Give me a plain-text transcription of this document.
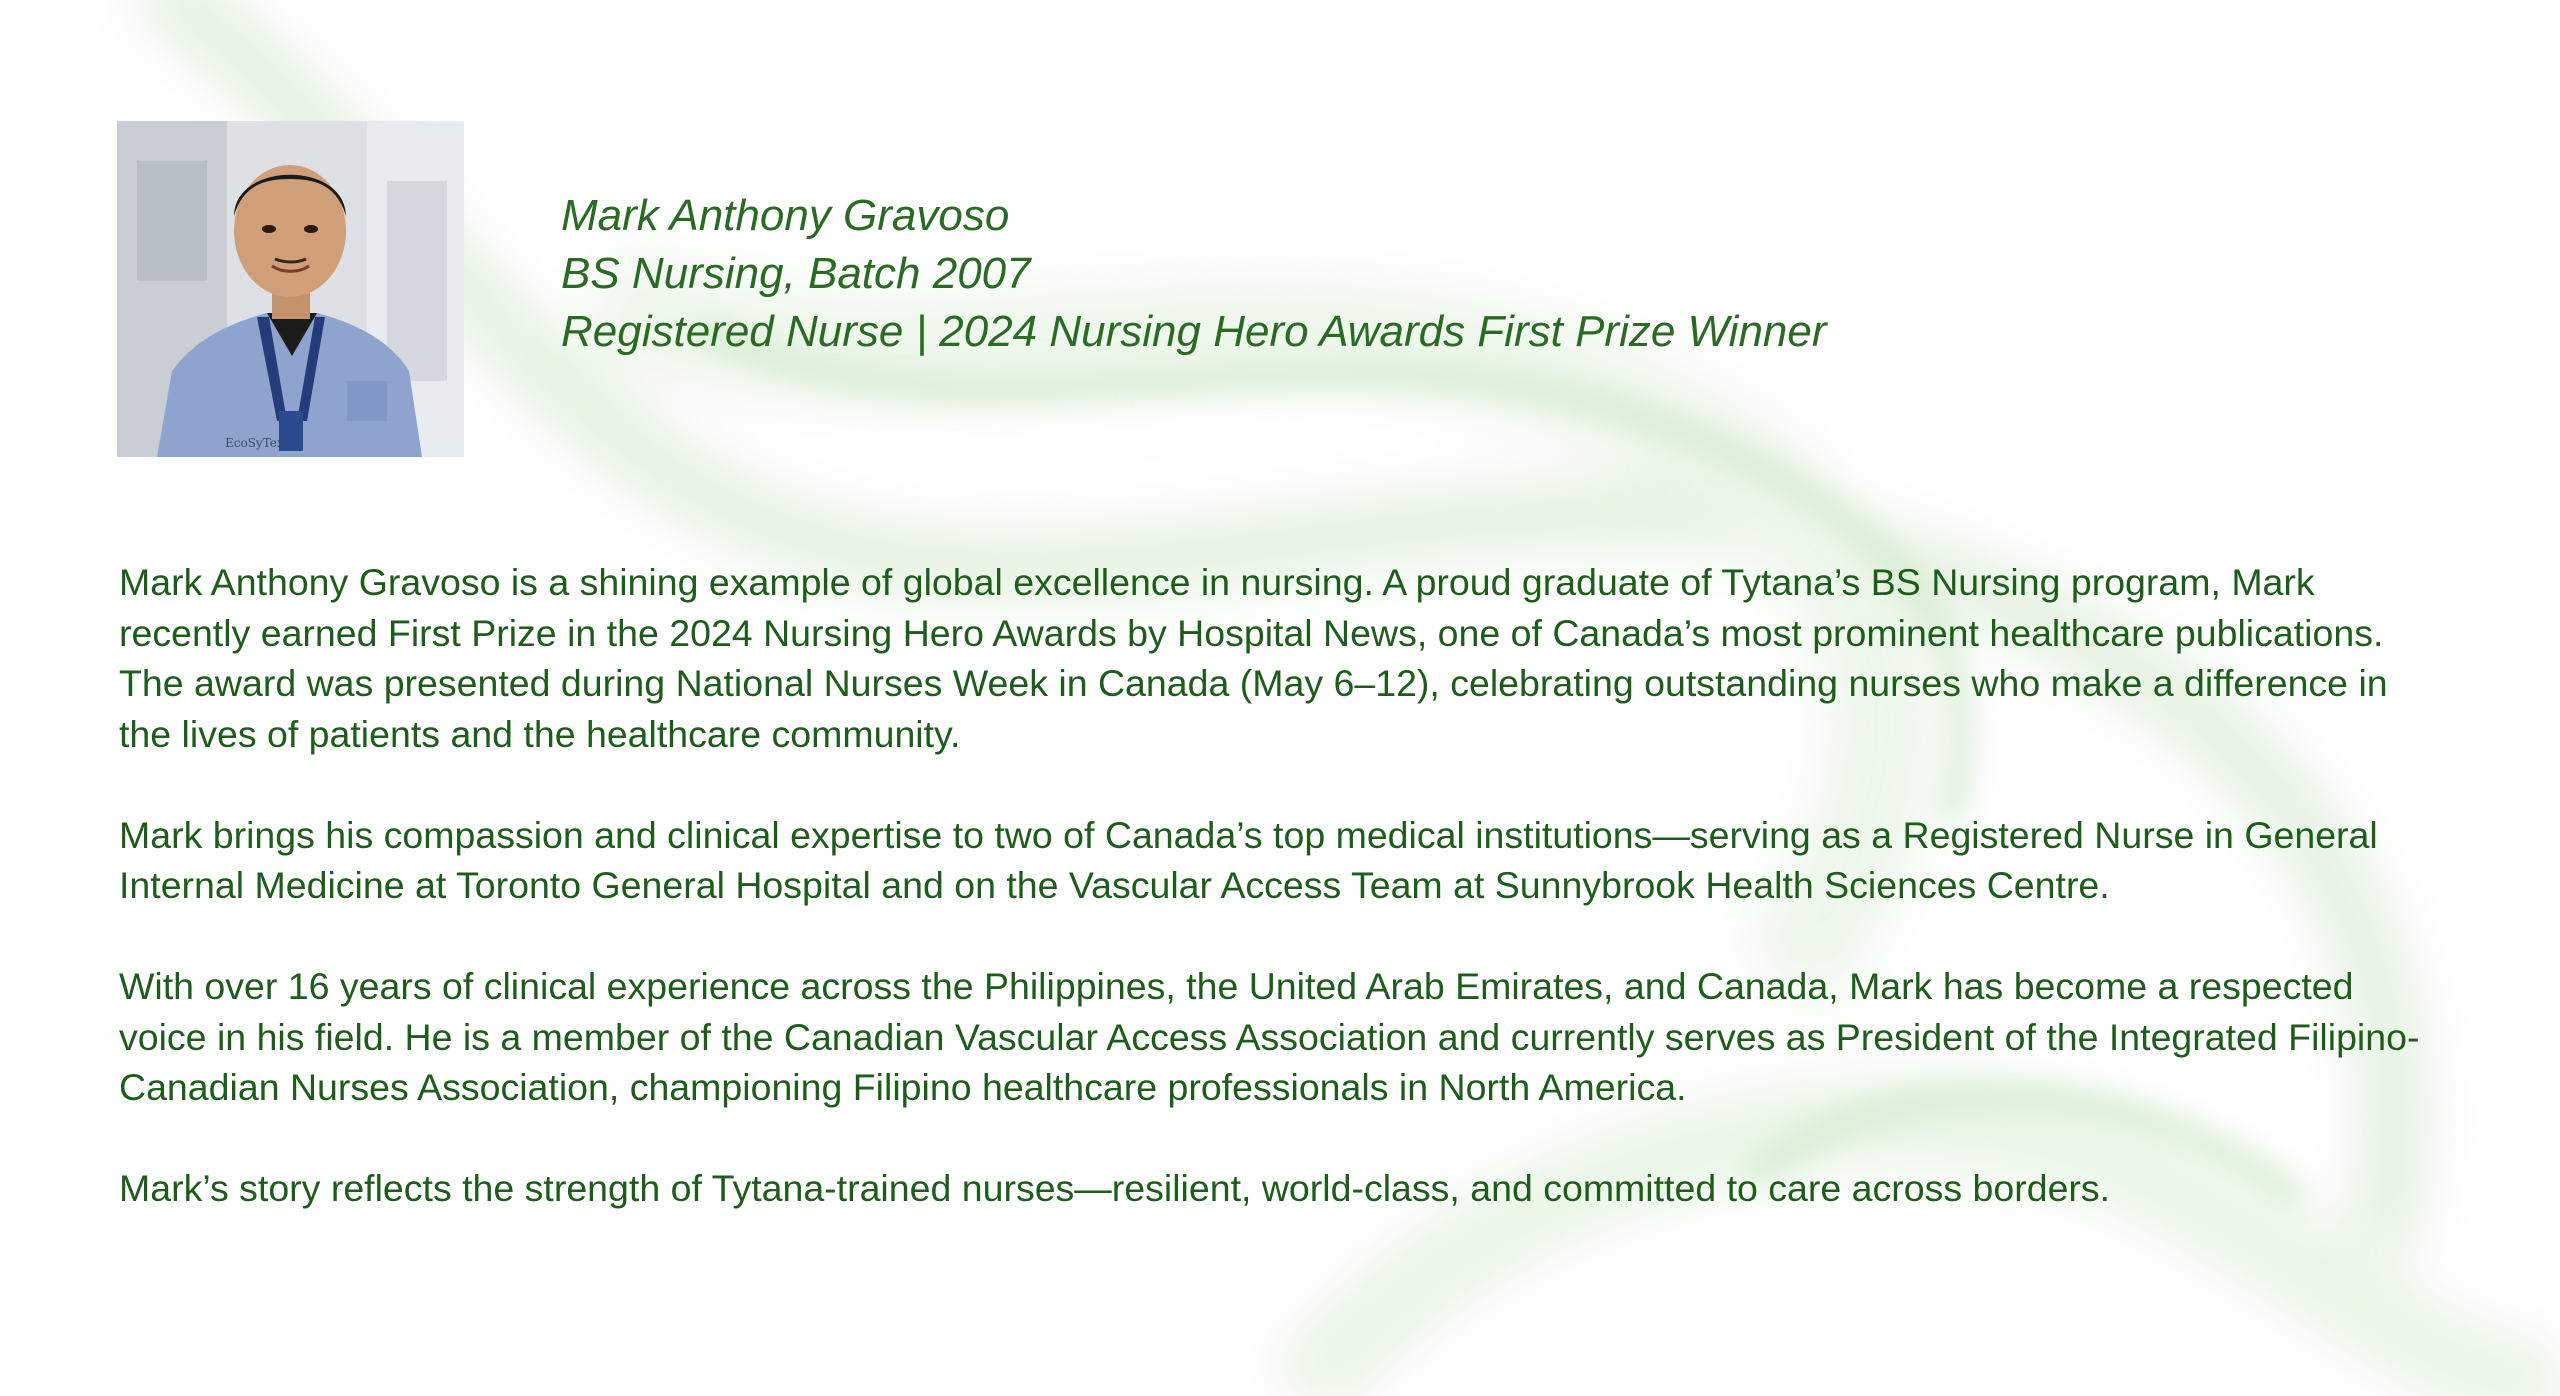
EcoSyTex
Mark Anthony Gravoso
BS Nursing, Batch 2007
Registered Nurse | 2024 Nursing Hero Awards First Prize Winner

Mark Anthony Gravoso is a shining example of global excellence in nursing. A proud graduate of Tytana’s BS Nursing program, Mark recently earned First Prize in the 2024 Nursing Hero Awards by Hospital News, one of Canada’s most prominent healthcare publications. The award was presented during National Nurses Week in Canada (May 6–12), celebrating outstanding nurses who make a difference in the lives of patients and the healthcare community.

Mark brings his compassion and clinical expertise to two of Canada’s top medical institutions—serving as a Registered Nurse in General Internal Medicine at Toronto General Hospital and on the Vascular Access Team at Sunnybrook Health Sciences Centre.

With over 16 years of clinical experience across the Philippines, the United Arab Emirates, and Canada, Mark has become a respected voice in his field. He is a member of the Canadian Vascular Access Association and currently serves as President of the Integrated Filipino-Canadian Nurses Association, championing Filipino healthcare professionals in North America.

Mark’s story reflects the strength of Tytana-trained nurses—resilient, world-class, and committed to care across borders.
